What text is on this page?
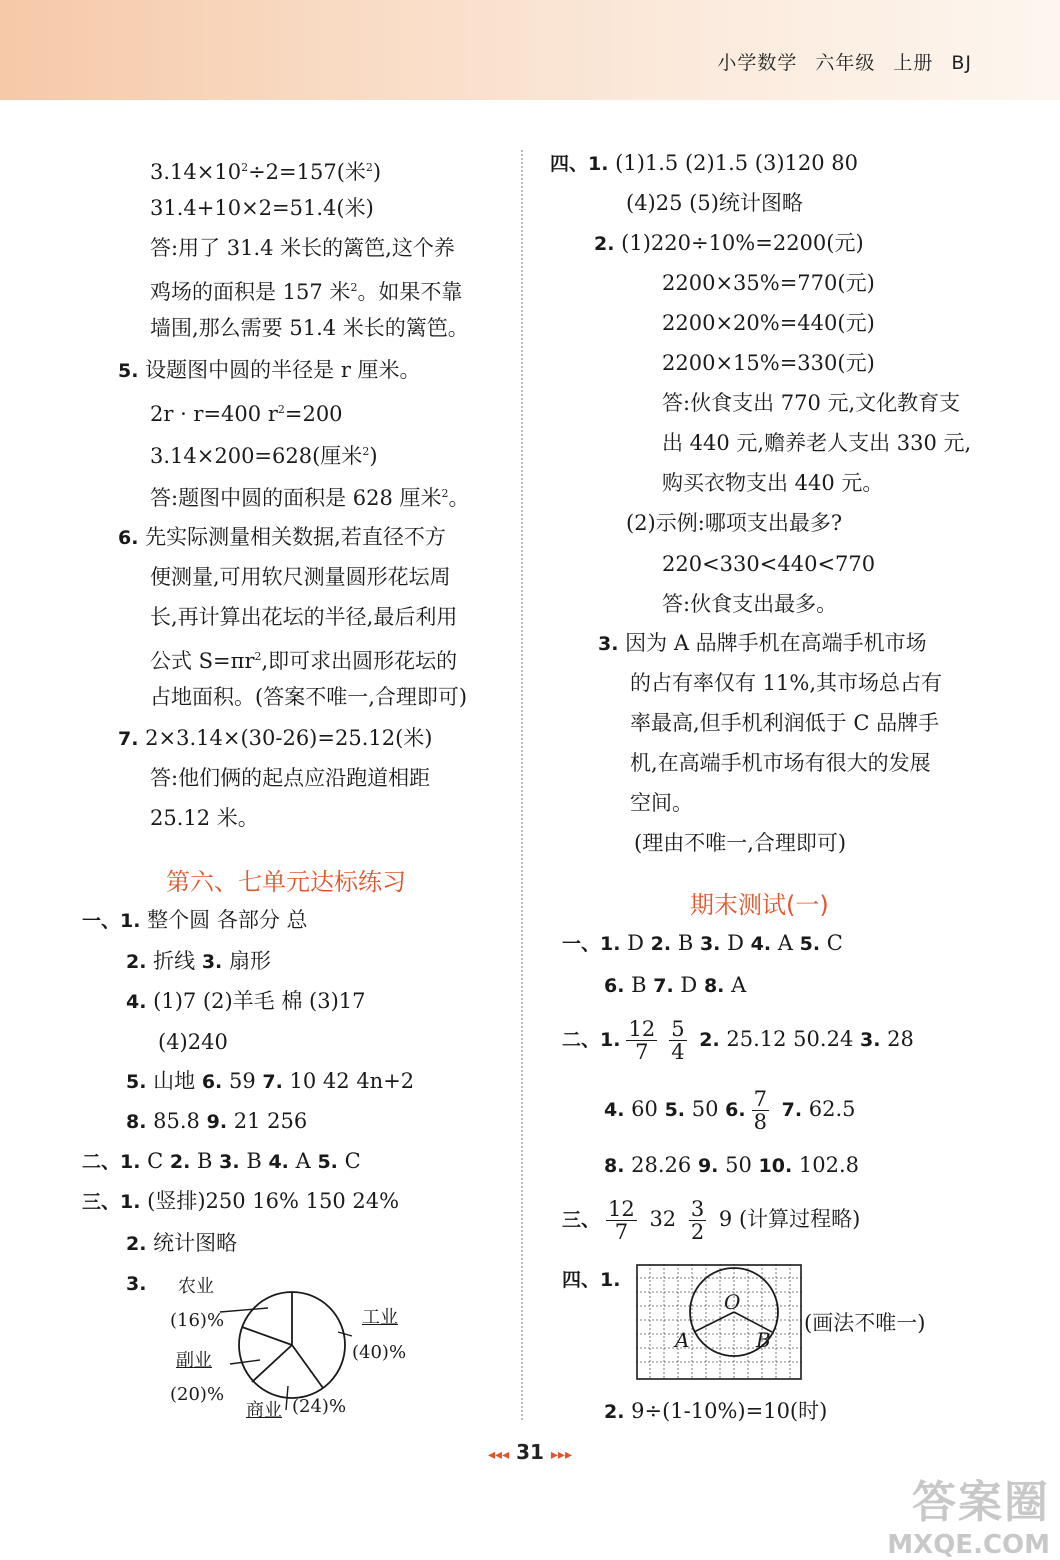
小学数学 六年级 上册 BJ
$3.14\times 10^2\div 2=157$(米$^2$)
31.4+10×2=51.4(米)
答:用了 31.4 米长的篱笆,这个养
鸡场的面积是 157 米$^2$。如果不靠
墙围,那么需要 51.4 米长的篱笆。
5. 设题图中圆的半径是 r 厘米。
2r · r=400 $r^2=200$
3.14×200=628(厘米$^2$)
答:题图中圆的面积是 628 厘米$^2$。
6. 先实际测量相关数据,若直径不方
便测量,可用软尺测量圆形花坛周
长,再计算出花坛的半径,最后利用
公式 $S=\pi r^2$,即可求出圆形花坛的
占地面积。(答案不唯一,合理即可)
7. 2×3.14×(30-26)=25.12(米)
答:他们俩的起点应沿跑道相距
25.12 米。
第六、七单元达标练习
一、1. 整个圆 各部分 总
2. 折线 3. 扇形
4. (1)7 (2)羊毛 棉 (3)17
(4)240
5. 山地 6. 59 7. 10 42 4n+2
8. 85.8 9. 21 256
二、1. C 2. B 3. B 4. A 5. C
三、1. (竖排)250 16% 150 24%
2. 统计图略
3. 农业
(16)%	工业
(40)%
副业
(20)%
商业 (24)%
四、1. (1)1.5 (2)1.5 (3)120 80
(4)25 (5)统计图略
2. (1)220÷10%=2200(元)
2200×35%=770(元)
2200×20%=440(元)
2200×15%=330(元)
答:伙食支出 770 元,文化教育支
出 440 元,赡养老人支出 330 元,
购买衣物支出 440 元。
(2)示例:哪项支出最多?
220<330<440<770
答:伙食支出最多。
3. 因为 A 品牌手机在高端手机市场
的占有率仅有 11%,其市场总占有
率最高,但手机利润低于 C 品牌手
机,在高端手机市场有很大的发展
空间。
(理由不唯一,合理即可)
期末测试(一)
一、1. D 2. B 3. D 4. A 5. C
6. B 7. D 8. A
二、1. $\frac{12}{7} \frac{5}{4} 2$. 25.12 50.24 3. 28
4. 60 5. 50 6. $\frac{7}{8} 7$. 62.5
8. 28.26 9. 50 10. 102.8
三、 $\frac{12}{7} 32 \frac{3}{2} 9$ (计算过程略)
四、1.
O
A	B
(画法不唯一)
2. 9÷(1-10%)=10(时)
◂◂◂ 31 ▸▸▸
答案圈
MXQE.COM
